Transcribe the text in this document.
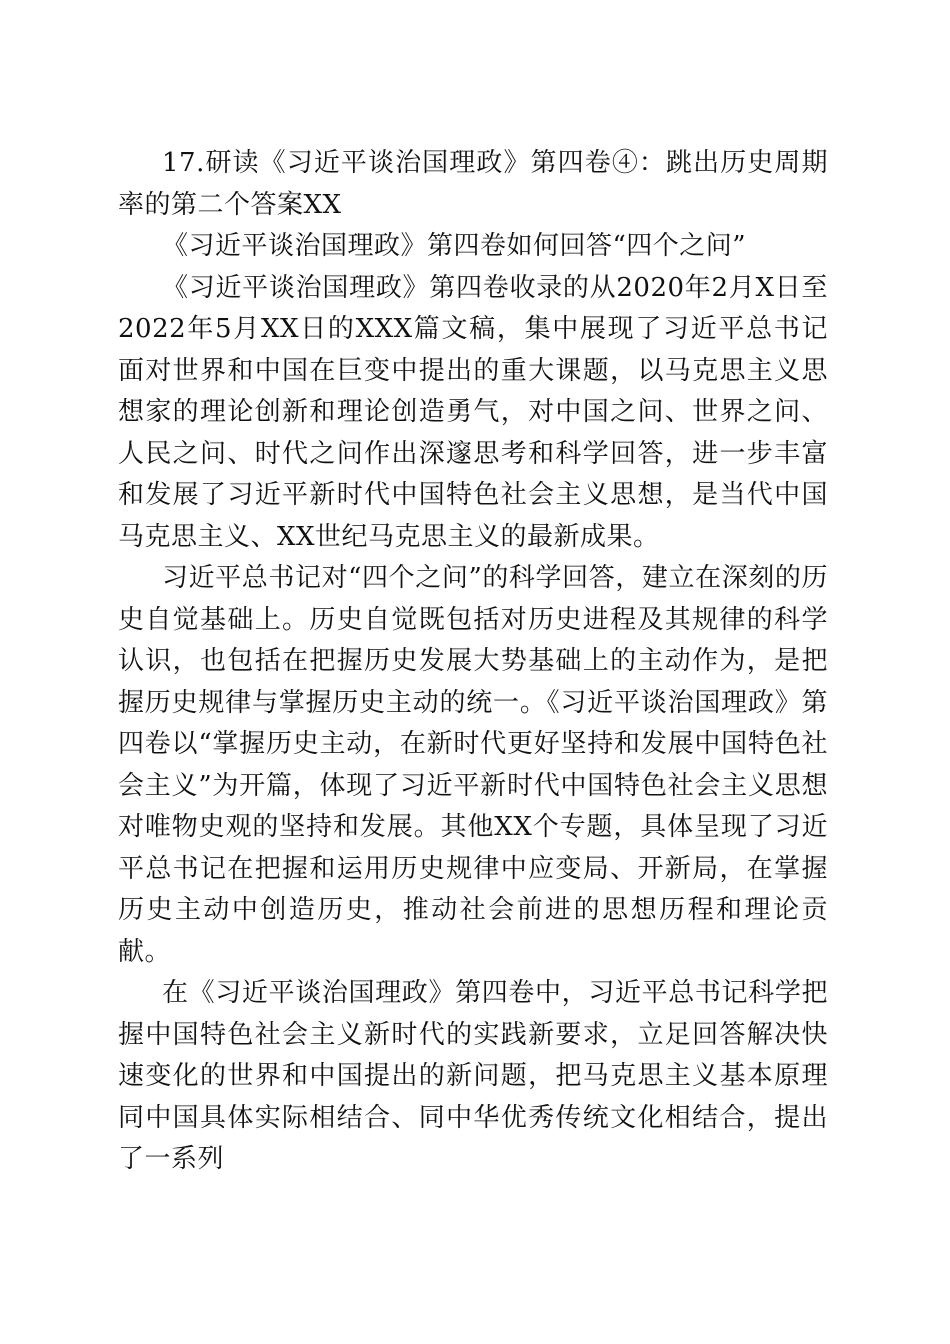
17.研读《习近平谈治国理政》第四卷④：跳出历史周期率的第二个答案XX

《习近平谈治国理政》第四卷如何回答“四个之问”

《习近平谈治国理政》第四卷收录的从2020年2月X日至2022年5月XX日的XXX篇文稿，集中展现了习近平总书记面对世界和中国在巨变中提出的重大课题，以马克思主义思想家的理论创新和理论创造勇气，对中国之问、世界之问、人民之问、时代之问作出深邃思考和科学回答，进一步丰富和发展了习近平新时代中国特色社会主义思想，是当代中国马克思主义、XX世纪马克思主义的最新成果。

习近平总书记对“四个之问”的科学回答，建立在深刻的历史自觉基础上。历史自觉既包括对历史进程及其规律的科学认识，也包括在把握历史发展大势基础上的主动作为，是把握历史规律与掌握历史主动的统一。《习近平谈治国理政》第四卷以“掌握历史主动，在新时代更好坚持和发展中国特色社会主义”为开篇，体现了习近平新时代中国特色社会主义思想对唯物史观的坚持和发展。其他XX个专题，具体呈现了习近平总书记在把握和运用历史规律中应变局、开新局，在掌握历史主动中创造历史，推动社会前进的思想历程和理论贡献。

在《习近平谈治国理政》第四卷中，习近平总书记科学把握中国特色社会主义新时代的实践新要求，立足回答解决快速变化的世界和中国提出的新问题，把马克思主义基本原理同中国具体实际相结合、同中华优秀传统文化相结合，提出了一系列
